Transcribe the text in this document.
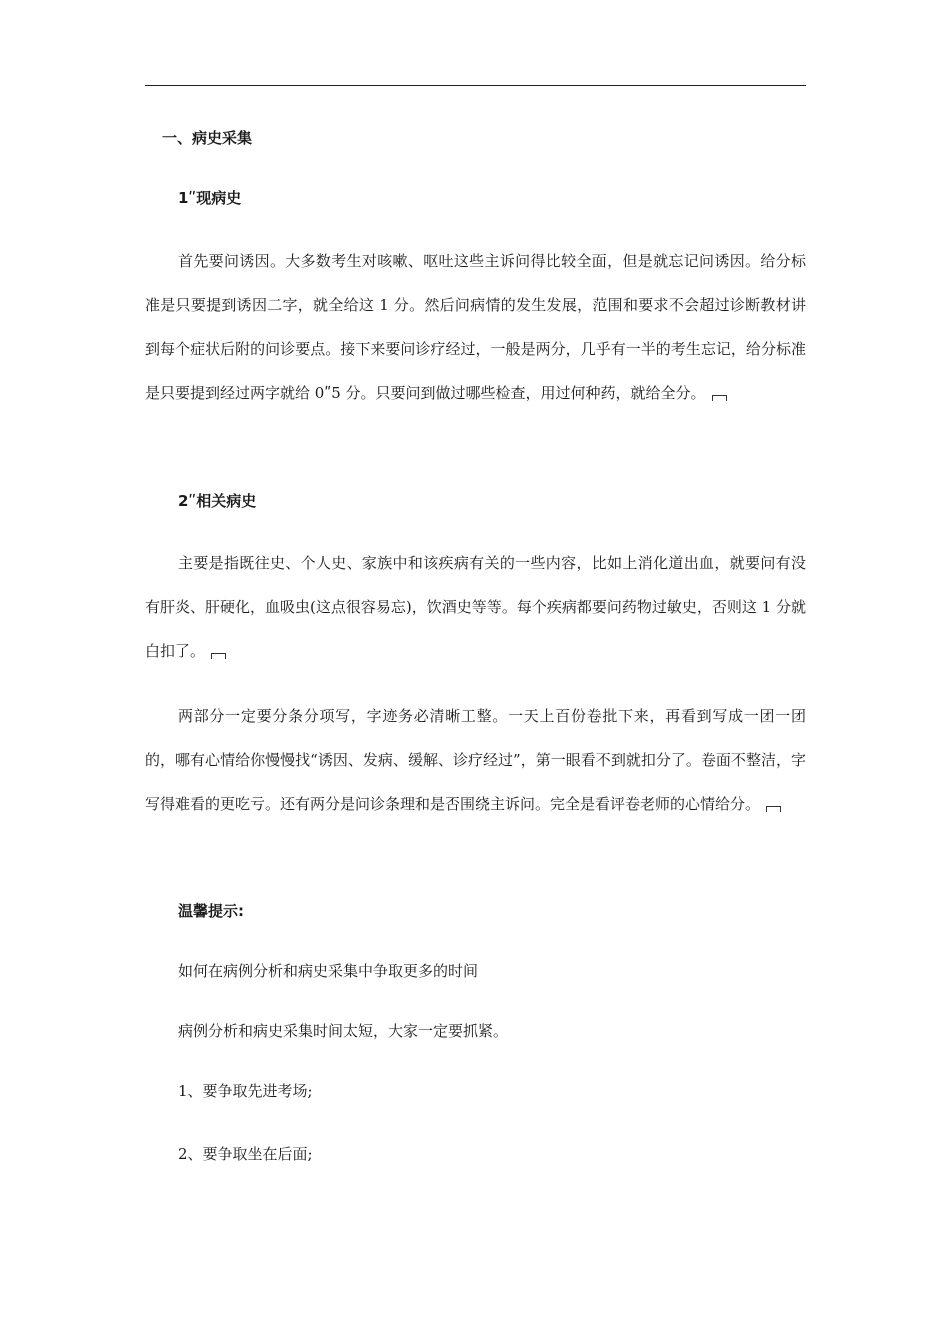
一、病史采集
1ʺ现病史

首先要问诱因。大多数考生对咳嗽、呕吐这些主诉问得比较全面，但是就忘记问诱因。给分标准是只要提到诱因二字，就全给这 1 分。然后问病情的发生发展，范围和要求不会超过诊断教材讲到每个症状后附的问诊要点。接下来要问诊疗经过，一般是两分，几乎有一半的考生忘记，给分标准是只要提到经过两字就给 0ʺ5 分。只要问到做过哪些检查，用过何种药，就给全分。

2ʺ相关病史

主要是指既往史、个人史、家族中和该疾病有关的一些内容，比如上消化道出血，就要问有没有肝炎、肝硬化，血吸虫(这点很容易忘)，饮酒史等等。每个疾病都要问药物过敏史，否则这 1 分就白扣了。

两部分一定要分条分项写，字迹务必清晰工整。一天上百份卷批下来，再看到写成一团一团的，哪有心情给你慢慢找“诱因、发病、缓解、诊疗经过”，第一眼看不到就扣分了。卷面不整洁，字写得难看的更吃亏。还有两分是问诊条理和是否围绕主诉问。完全是看评卷老师的心情给分。

温馨提示:
如何在病例分析和病史采集中争取更多的时间
病例分析和病史采集时间太短，大家一定要抓紧。
1、要争取先进考场;
2、要争取坐在后面;
